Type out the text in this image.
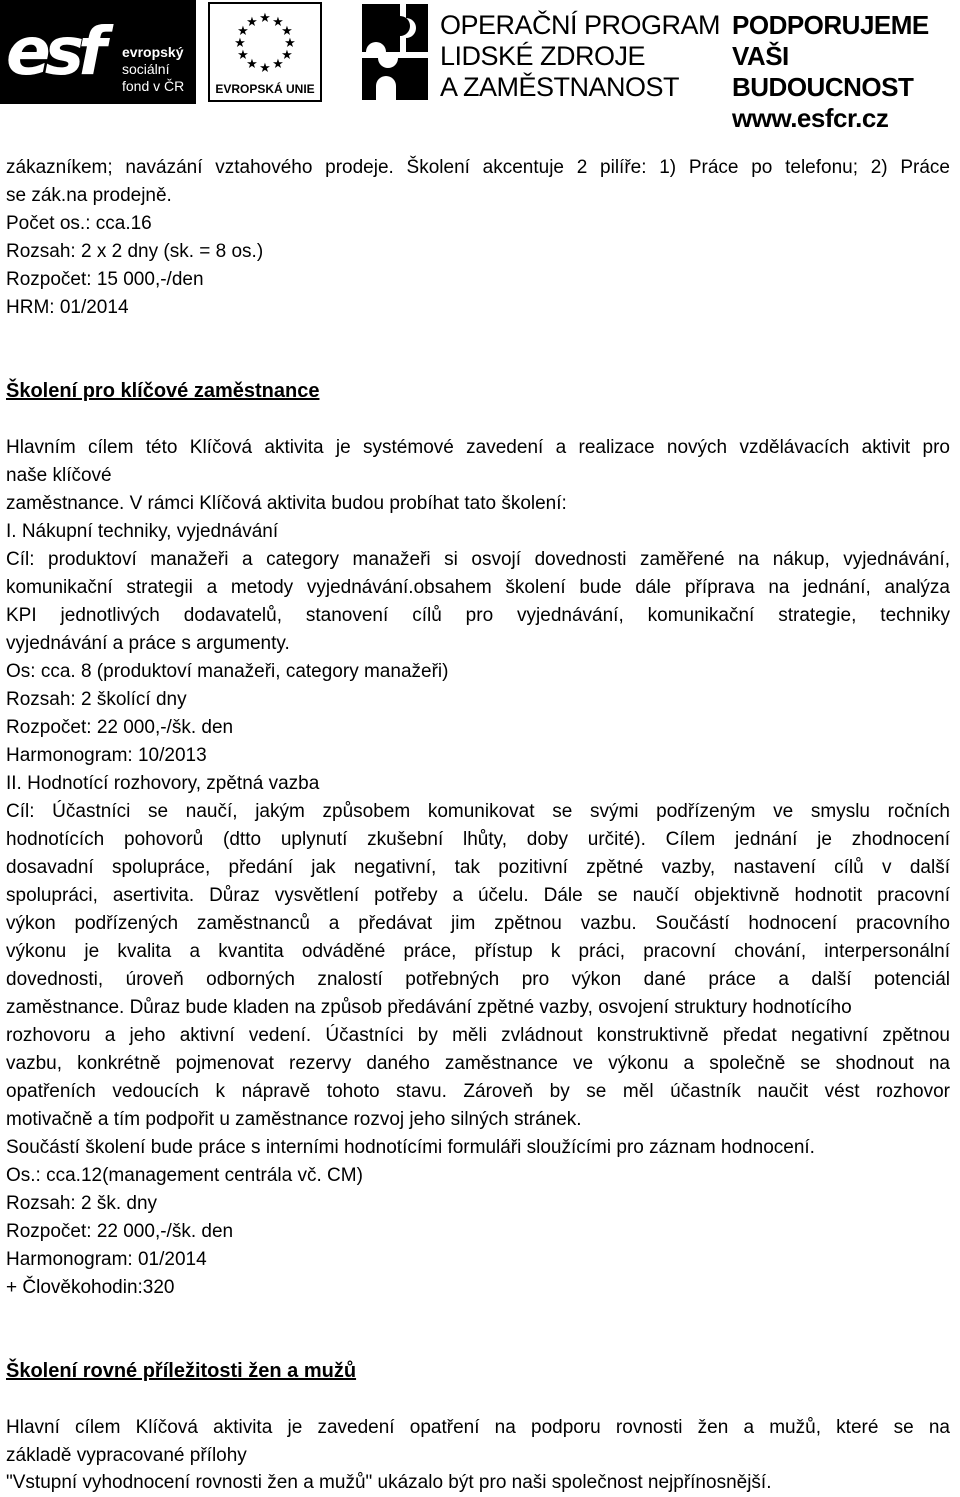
esf evropský
sociální
fond v ČR
★ ★
★
★
★
★
★
★
★
★
★
★
EVROPSKÁ UNIE
OPERAČNÍ PROGRAM
LIDSKÉ ZDROJE
A ZAMĚSTNANOST
PODPORUJEME
VAŠI BUDOUCNOST
www.esfcr.cz
zákazníkem; navázání vztahového prodeje. Školení akcentuje 2 pilíře: 1) Práce po telefonu; 2) Práce
se zák.na prodejně.
Počet os.: cca.16
Rozsah: 2 x 2 dny (sk. = 8 os.)
Rozpočet: 15 000,-/den
HRM: 01/2014
Školení pro klíčové zaměstnance
Hlavním cílem této Klíčová aktivita je systémové zavedení a realizace nových vzdělávacích aktivit pro
naše klíčové
zaměstnance. V rámci Klíčová aktivita budou probíhat tato školení:
I. Nákupní techniky, vyjednávání
Cíl: produktoví manažeři a category manažeři si osvojí dovednosti zaměřené na nákup, vyjednávání,
komunikační strategii a metody vyjednávání.obsahem školení bude dále příprava na jednání, analýza
KPI jednotlivých dodavatelů, stanovení cílů pro vyjednávání, komunikační strategie, techniky
vyjednávání a práce s argumenty.
Os: cca. 8 (produktoví manažeři, category manažeři)
Rozsah: 2 školící dny
Rozpočet: 22 000,-/šk. den
Harmonogram: 10/2013
II. Hodnotící rozhovory, zpětná vazba
Cíl: Účastníci se naučí, jakým způsobem komunikovat se svými podřízeným ve smyslu ročních
hodnotících pohovorů (dtto uplynutí zkušební lhůty, doby určité). Cílem jednání je zhodnocení
dosavadní spolupráce, předání jak negativní, tak pozitivní zpětné vazby, nastavení cílů v další
spolupráci, asertivita. Důraz vysvětlení potřeby a účelu. Dále se naučí objektivně hodnotit pracovní
výkon podřízených zaměstnanců a předávat jim zpětnou vazbu. Součástí hodnocení pracovního
výkonu je kvalita a kvantita odváděné práce, přístup k práci, pracovní chování, interpersonální
dovednosti, úroveň odborných znalostí potřebných pro výkon dané práce a další potenciál
zaměstnance. Důraz bude kladen na způsob předávání zpětné vazby, osvojení struktury hodnotícího
rozhovoru a jeho aktivní vedení. Účastníci by měli zvládnout konstruktivně předat negativní zpětnou
vazbu, konkrétně pojmenovat rezervy daného zaměstnance ve výkonu a společně se shodnout na
opatřeních vedoucích k nápravě tohoto stavu. Zároveň by se měl účastník naučit vést rozhovor
motivačně a tím podpořit u zaměstnance rozvoj jeho silných stránek.
Součástí školení bude práce s interními hodnotícími formuláři sloužícími pro záznam hodnocení.
Os.: cca.12(management centrála vč. CM)
Rozsah: 2 šk. dny
Rozpočet: 22 000,-/šk. den
Harmonogram: 01/2014
+ Člověkohodin:320
Školení rovné příležitosti žen a mužů
Hlavní cílem Klíčová aktivita je zavedení opatření na podporu rovnosti žen a mužů, které se na
základě vypracované přílohy
"Vstupní vyhodnocení rovnosti žen a mužů" ukázalo být pro naši společnost nejpřínosnější.
